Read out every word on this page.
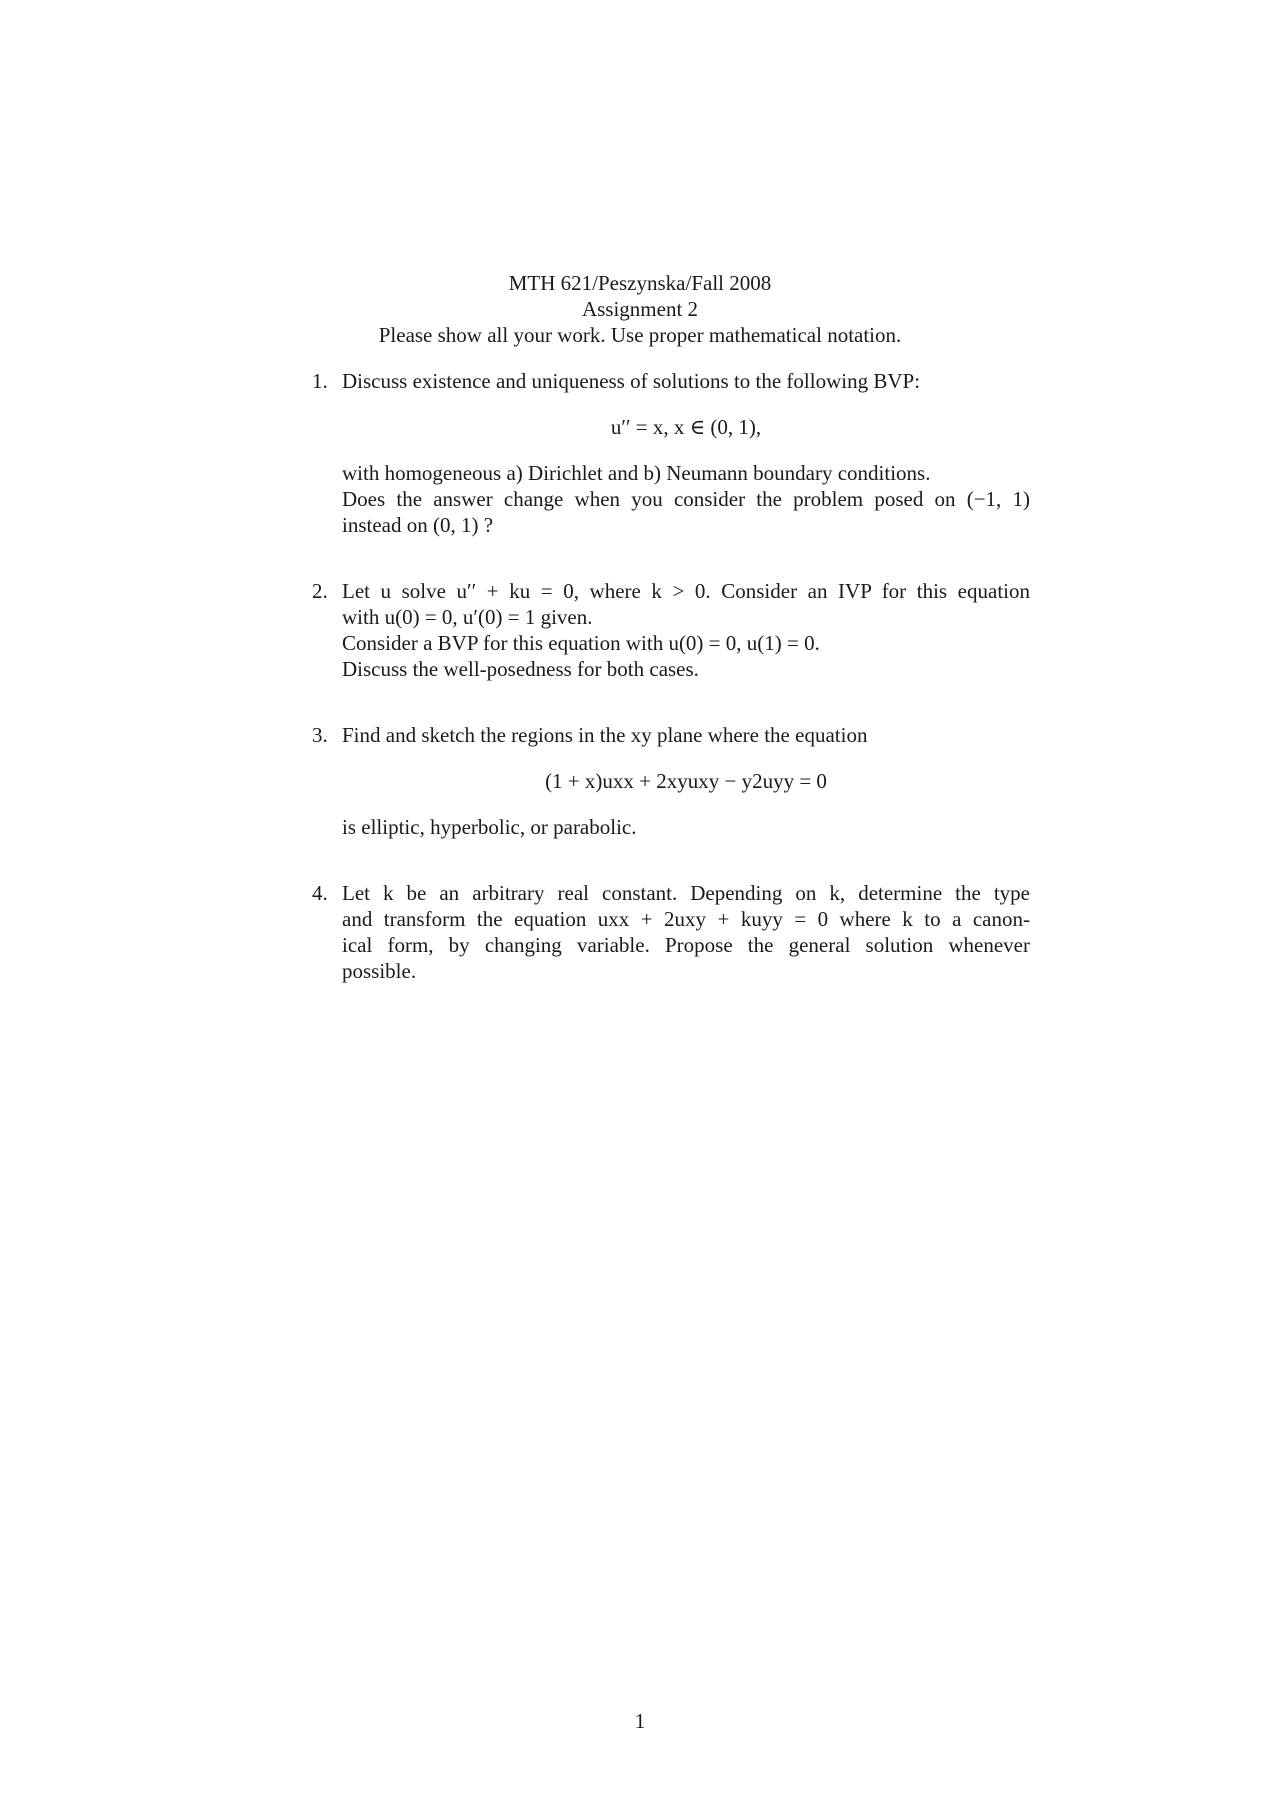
MTH 621/Peszynska/Fall 2008
Assignment 2
Please show all your work. Use proper mathematical notation.
1. Discuss existence and uniqueness of solutions to the following BVP:
u′′ = x, x ∈ (0, 1),
with homogeneous a) Dirichlet and b) Neumann boundary conditions.
Does the answer change when you consider the problem posed on (−1, 1)
instead on (0, 1) ?
2. Let u solve u′′ + ku = 0, where k > 0. Consider an IVP for this equation
with u(0) = 0, u′(0) = 1 given.
Consider a BVP for this equation with u(0) = 0, u(1) = 0.
Discuss the well-posedness for both cases.
3. Find and sketch the regions in the xy plane where the equation
(1 + x)uxx + 2xyuxy − y2uyy = 0
is elliptic, hyperbolic, or parabolic.
4. Let k be an arbitrary real constant. Depending on k, determine the type
and transform the equation uxx + 2uxy + kuyy = 0 where k to a canon-
ical form, by changing variable. Propose the general solution whenever
possible.
1
